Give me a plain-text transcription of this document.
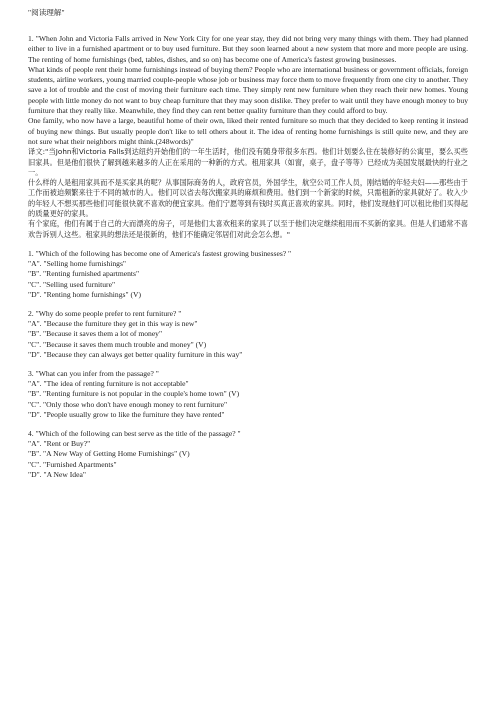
"阅读理解"

1. "When John and Victoria Falls arrived in New York City for one year stay, they did not bring very many things with them. They had planned either to live in a furnished apartment or to buy used furniture. But they soon learned about a new system that more and more people are using. The renting of home furnishings (bed, tables, dishes, and so on) has become one of America's fastest growing businesses.

What kinds of people rent their home furnishings instead of buying them? People who are international business or government officials, foreign students, airline workers, young married couple-people whose job or business may force them to move frequently from one city to another. They save a lot of trouble and the cost of moving their furniture each time. They simply rent new furniture when they reach their new homes. Young people with little money do not want to buy cheap furniture that they may soon dislike. They prefer to wait until they have enough money to buy furniture that they really like. Meanwhile, they find they can rent better quality furniture than they could afford to buy.

One family, who now have a large, beautiful home of their own, liked their rented furniture so much that they decided to keep renting it instead of buying new things. But usually people don't like to tell others about it. The idea of renting home furnishings is still quite new, and they are not sure what their neighbors might think.(248words)"

译文:"当John和Victoria Falls到达纽约开始他们的一年生活时，他们没有随身带很多东西。他们计划要么住在装修好的公寓里，要么买些旧家具。但是他们很快了解到越来越多的人正在采用的一种新的方式。租用家具（如窗，桌子，盘子等等）已经成为美国发展最快的行业之一。

什么样的人是租用家具而不是买家具的呢？从事国际商务的人，政府官员，外国学生，航空公司工作人员，刚结婚的年轻夫妇——那些由于工作而被迫频繁来往于不同的城市的人。他们可以省去每次搬家具的麻烦和费用。他们到一个新家的时候，只需租新的家具就好了。收入少的年轻人不想买那些他们可能很快就不喜欢的便宜家具。他们宁愿等到有钱时买真正喜欢的家具。同时，他们发现他们可以租比他们买得起的质量更好的家具。

有个家庭，他们有属于自己的大而漂亮的房子，可是他们太喜欢租来的家具了以至于他们决定继续租用而不买新的家具。但是人们通常不喜欢告诉别人这些。租家具的想法还是很新的，他们不能确定邻居们对此会怎么想。"

1. "Which of the following has become one of America's fastest growing businesses? "

"A". "Selling home furnishings"

"B". "Renting furnished apartments"

"C". "Selling used furniture"

"D". "Renting home furnishings" (V)

2. "Why do some people prefer to rent furniture? "

"A". "Because the furniture they get in this way is new"

"B". "Because it saves them a lot of money"

"C". "Because it saves them much trouble and money" (V)

"D". "Because they can always get better quality furniture in this way"

3. "What can you infer from the passage? "

"A". "The idea of renting furniture is not acceptable"

"B". "Renting furniture is not popular in the couple's home town" (V)

"C". "Only those who don't have enough money to rent furniture"

"D". "People usually grow to like the furniture they have rented"

4. "Which of the following can best serve as the title of the passage? "

"A". "Rent or Buy?"

"B". "A New Way of Getting Home Furnishings" (V)

"C". "Furnished Apartments"

"D". "A New Idea"
